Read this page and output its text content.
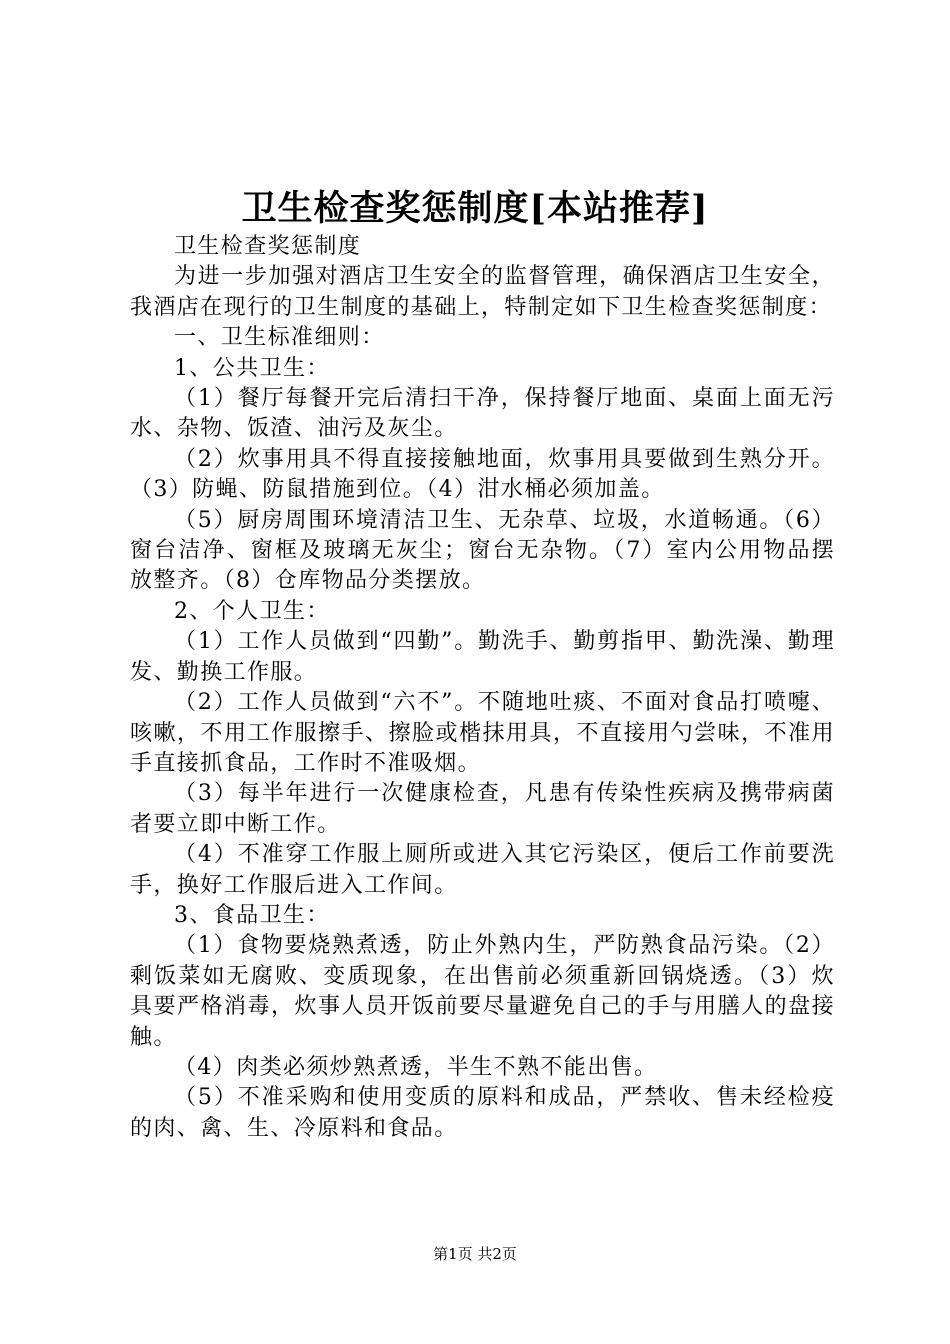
卫生检查奖惩制度[本站推荐]

卫生检查奖惩制度

为进一步加强对酒店卫生安全的监督管理，确保酒店卫生安全，我酒店在现行的卫生制度的基础上，特制定如下卫生检查奖惩制度：

一、卫生标准细则：

1、公共卫生：

（1）餐厅每餐开完后清扫干净，保持餐厅地面、桌面上面无污水、杂物、饭渣、油污及灰尘。

（2）炊事用具不得直接接触地面，炊事用具要做到生熟分开。（3）防蝇、防鼠措施到位。（4）泔水桶必须加盖。

（5）厨房周围环境清洁卫生、无杂草、垃圾，水道畅通。（6）窗台洁净、窗框及玻璃无灰尘；窗台无杂物。（7）室内公用物品摆放整齐。（8）仓库物品分类摆放。

2、个人卫生：

（1）工作人员做到“四勤”。勤洗手、勤剪指甲、勤洗澡、勤理发、勤换工作服。

（2）工作人员做到“六不”。不随地吐痰、不面对食品打喷嚏、咳嗽，不用工作服擦手、擦脸或楷抹用具，不直接用勺尝味，不准用手直接抓食品，工作时不准吸烟。

（3）每半年进行一次健康检查，凡患有传染性疾病及携带病菌者要立即中断工作。

（4）不准穿工作服上厕所或进入其它污染区，便后工作前要洗手，换好工作服后进入工作间。

3、食品卫生：

（1）食物要烧熟煮透，防止外熟内生，严防熟食品污染。（2）剩饭菜如无腐败、变质现象，在出售前必须重新回锅烧透。（3）炊具要严格消毒，炊事人员开饭前要尽量避免自己的手与用膳人的盘接触。

（4）肉类必须炒熟煮透，半生不熟不能出售。

（5）不准采购和使用变质的原料和成品，严禁收、售未经检疫的肉、禽、生、冷原料和食品。

第1页 共2页
